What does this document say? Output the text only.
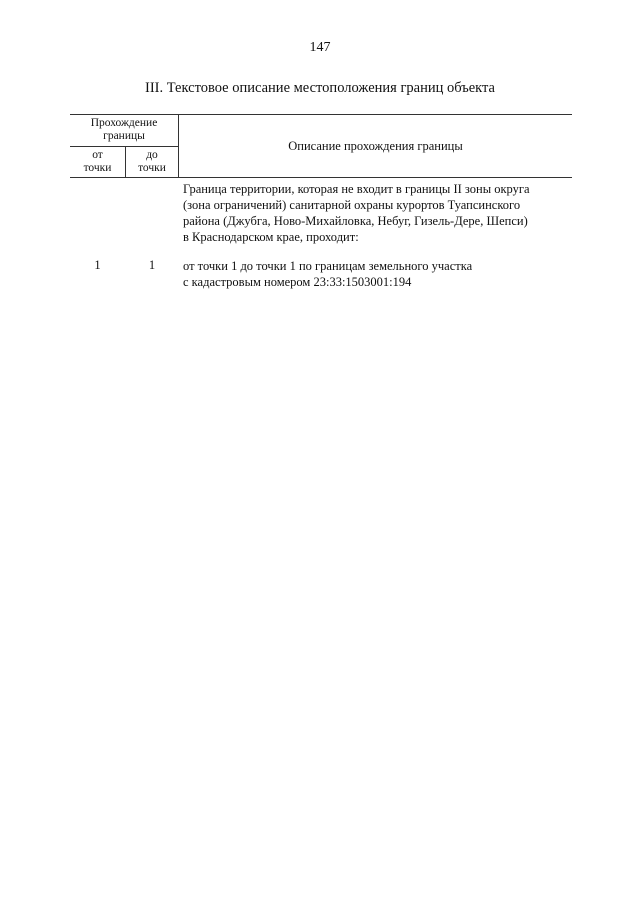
147
III. Текстовое описание местоположения границ объекта
Прохождение
границы
от
точки
до
точки
Описание прохождения границы
Граница территории, которая не входит в границы II зоны округа
(зона ограничений) санитарной охраны курортов Туапсинского
района (Джубга, Ново-Михайловка, Небуг, Гизель-Дере, Шепси)
в Краснодарском крае, проходит:
1	1	от точки 1 до точки 1 по границам земельного участка
с кадастровым номером 23:33:1503001:194
